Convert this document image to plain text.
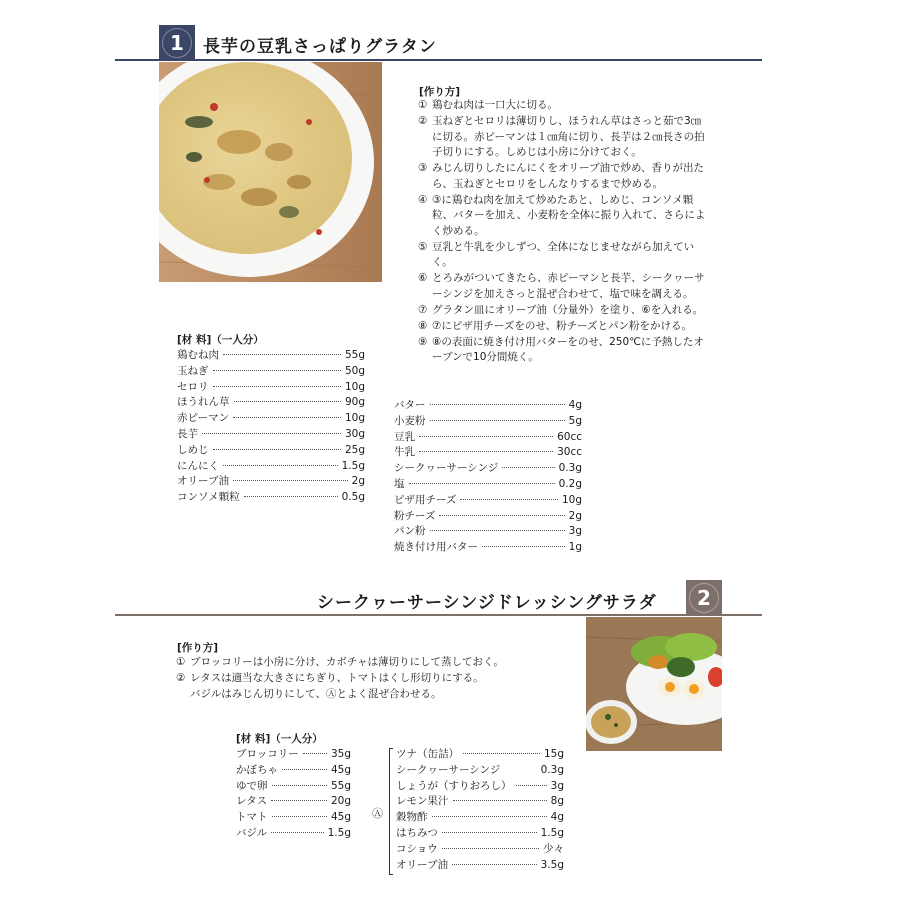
1 長芋の豆乳さっぱりグラタン
[作り方]
① 鶏むね肉は一口大に切る。
② 玉ねぎとセロリは薄切りし、ほうれん草はさっと茹で3㎝に切る。赤ピーマンは１㎝角に切り、長芋は２㎝長さの拍子切りにする。しめじは小房に分けておく。
③ みじん切りしたにんにくをオリーブ油で炒め、香りが出たら、玉ねぎとセロリをしんなりするまで炒める。
④ ③に鶏むね肉を加えて炒めたあと、しめじ、コンソメ顆粒、バターを加え、小麦粉を全体に振り入れて、さらによく炒める。
⑤ 豆乳と牛乳を少しずつ、全体になじませながら加えていく。
⑥ とろみがついてきたら、赤ピーマンと長芋、シークヮーサーシンジを加えさっと混ぜ合わせて、塩で味を調える。
⑦ グラタン皿にオリーブ油（分量外）を塗り、⑥を入れる。
⑧ ⑦にピザ用チーズをのせ、粉チーズとパン粉をかける。
⑨ ⑧の表面に焼き付け用バターをのせ、250℃に予熱したオーブンで10分間焼く。
[材 料]（一人分）
鶏むね肉	55g
玉ねぎ	50g
セロリ	10g
ほうれん草	90g
赤ピーマン	10g
長芋	30g
しめじ	25g
にんにく	1.5g
オリーブ油	2g
コンソメ顆粒	0.5g
バター	4g
小麦粉	5g
豆乳	60cc
牛乳	30cc
シークヮーサーシンジ	0.3g
塩	0.2g
ピザ用チーズ	10g
粉チーズ	2g
パン粉	3g
焼き付け用バター	1g
シークヮーサーシンジドレッシングサラダ 2
[作り方]
① ブロッコリーは小房に分け、カボチャは薄切りにして蒸しておく。
② レタスは適当な大きさにちぎり、トマトはくし形切りにする。
バジルはみじん切りにして、Ⓐとよく混ぜ合わせる。
[材 料]（一人分）
ブロッコリー	35g
かぼちゃ	45g
ゆで卵	55g
レタス	20g
トマト	45g
バジル	1.5g
Ⓐ
ツナ（缶詰）	15g
シークヮーサーシンジ	0.3g
しょうが（すりおろし）	3g
レモン果汁	8g
穀物酢	4g
はちみつ	1.5g
コショウ	少々
オリーブ油	3.5g
